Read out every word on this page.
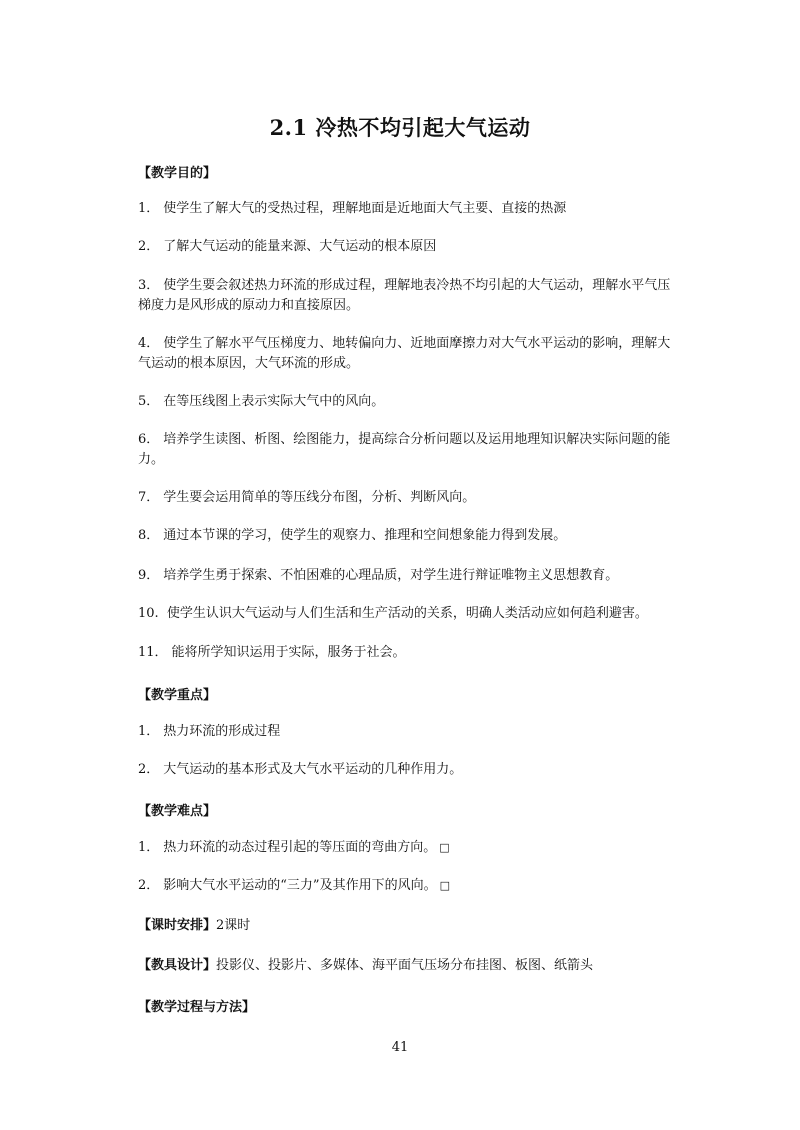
2.1 冷热不均引起大气运动
【教学目的】
1． 使学生了解大气的受热过程，理解地面是近地面大气主要、直接的热源
2． 了解大气运动的能量来源、大气运动的根本原因
3． 使学生要会叙述热力环流的形成过程，理解地表冷热不均引起的大气运动，理解水平气压梯度力是风形成的原动力和直接原因。
4． 使学生了解水平气压梯度力、地转偏向力、近地面摩擦力对大气水平运动的影响，理解大气运动的根本原因，大气环流的形成。
5． 在等压线图上表示实际大气中的风向。
6． 培养学生读图、析图、绘图能力，提高综合分析问题以及运用地理知识解决实际问题的能力。
7． 学生要会运用简单的等压线分布图，分析、判断风向。
8． 通过本节课的学习，使学生的观察力、推理和空间想象能力得到发展。
9． 培养学生勇于探索、不怕困难的心理品质，对学生进行辩证唯物主义思想教育。
10. 使学生认识大气运动与人们生活和生产活动的关系，明确人类活动应如何趋利避害。
11． 能将所学知识运用于实际，服务于社会。
【教学重点】
1． 热力环流的形成过程
2． 大气运动的基本形式及大气水平运动的几种作用力。
【教学难点】
1． 热力环流的动态过程引起的等压面的弯曲方向。 □
2． 影响大气水平运动的“三力”及其作用下的风向。 □
【课时安排】2课时
【教具设计】投影仪、投影片、多媒体、海平面气压场分布挂图、板图、纸箭头
【教学过程与方法】
41
